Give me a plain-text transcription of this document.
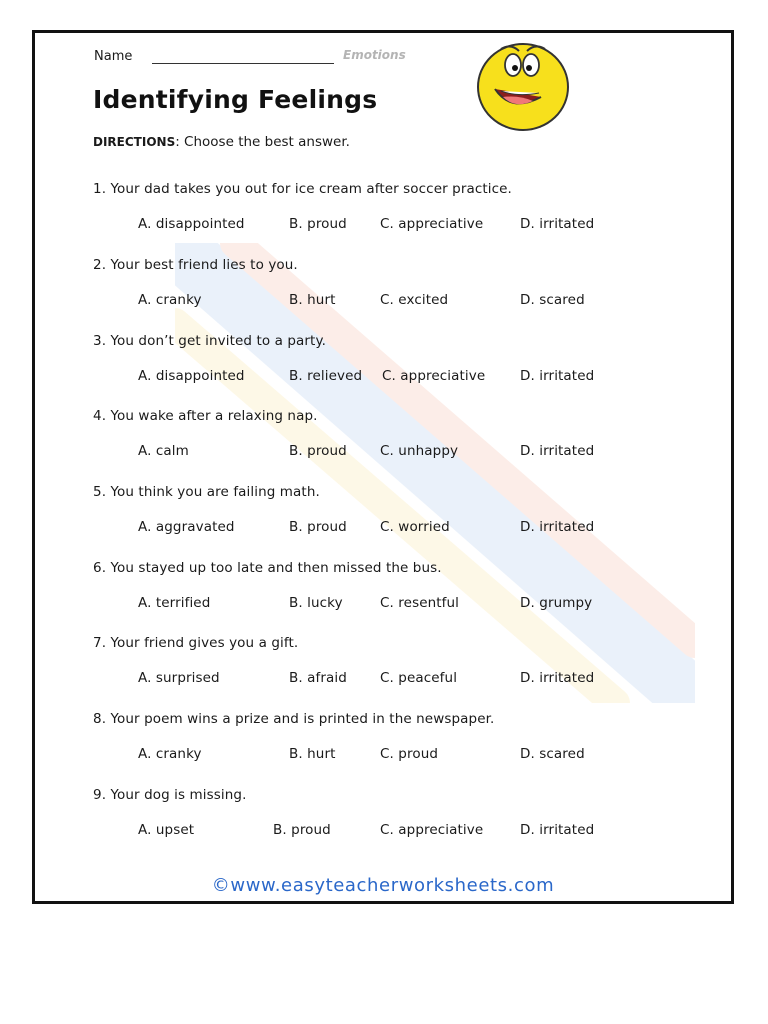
Name	Emotions
Identifying Feelings
DIRECTIONS: Choose the best answer.
1. Your dad takes you out for ice cream after soccer practice.
A. disappointed	B. proud C. appreciative	D. irritated
2. Your best friend lies to you.
A. cranky	B. hurt	C. excited	D. scared
3. You don’t get invited to a party.
A. disappointed	B. relieved C. appreciative	D. irritated
4. You wake after a relaxing nap.
A. calm	B. proud C. unhappy	D. irritated
5. You think you are failing math.
A. aggravated	B. proud C. worried	D. irritated
6. You stayed up too late and then missed the bus.
A. terrified	B. lucky	C. resentful	D. grumpy
7. Your friend gives you a gift.
A. surprised	B. afraid C. peaceful	D. irritated
8. Your poem wins a prize and is printed in the newspaper.
A. cranky	B. hurt	C. proud	D. scared
9. Your dog is missing.
A. upset	B. proud	C. appreciative	D. irritated
©www.easyteacherworksheets.com
